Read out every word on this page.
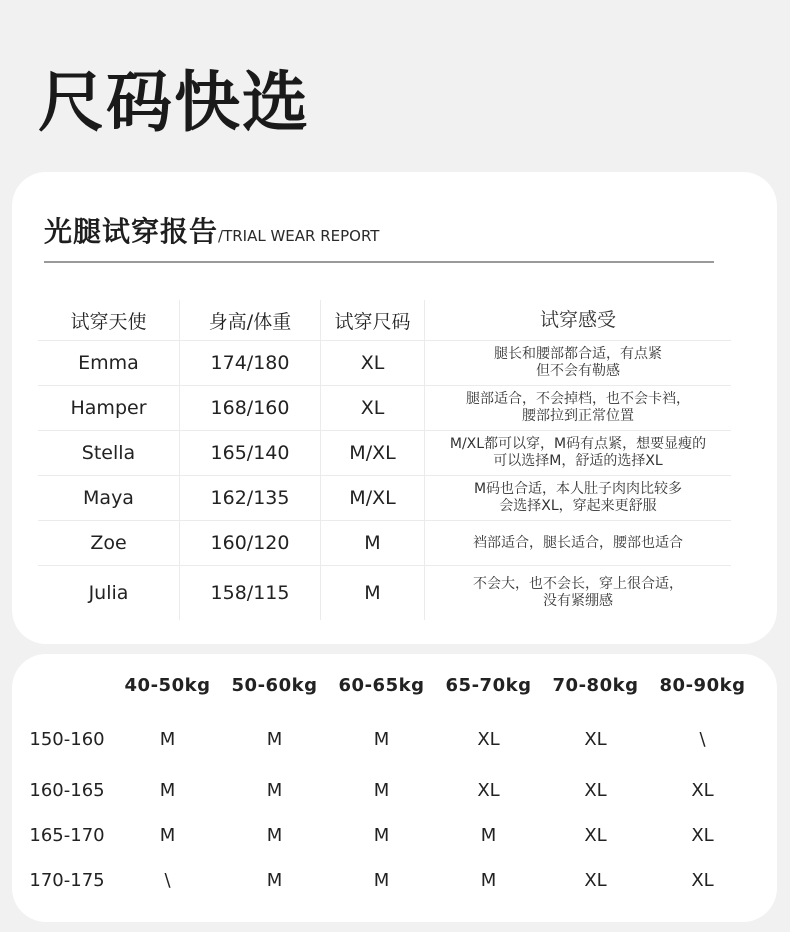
尺码快选
光腿试穿报告/TRIAL WEAR REPORT
试穿天使	身高/体重	试穿尺码	试穿感受
Emma	174/180	XL	腿长和腰部都合适，有点紧
但不会有勒感

Hamper	168/160	XL	腿部适合，不会掉档，也不会卡裆，
腰部拉到正常位置

Stella	165/140	M/XL	M/XL都可以穿，M码有点紧，想要显瘦的
可以选择M，舒适的选择XL

Maya	162/135	M/XL	M码也合适，本人肚子肉肉比较多
会选择XL，穿起来更舒服

Zoe	160/120	M	裆部适合，腿长适合，腰部也适合

Julia	158/115	M	不会大，也不会长，穿上很合适，
没有紧绷感
	40-50kg	50-60kg	60-65kg	65-70kg	70-80kg	80-90kg
150-160	M	M	M	XL	XL	\
160-165	M	M	M	XL	XL	XL
165-170	M	M	M	M	XL	XL
170-175	\	M	M	M	XL	XL
